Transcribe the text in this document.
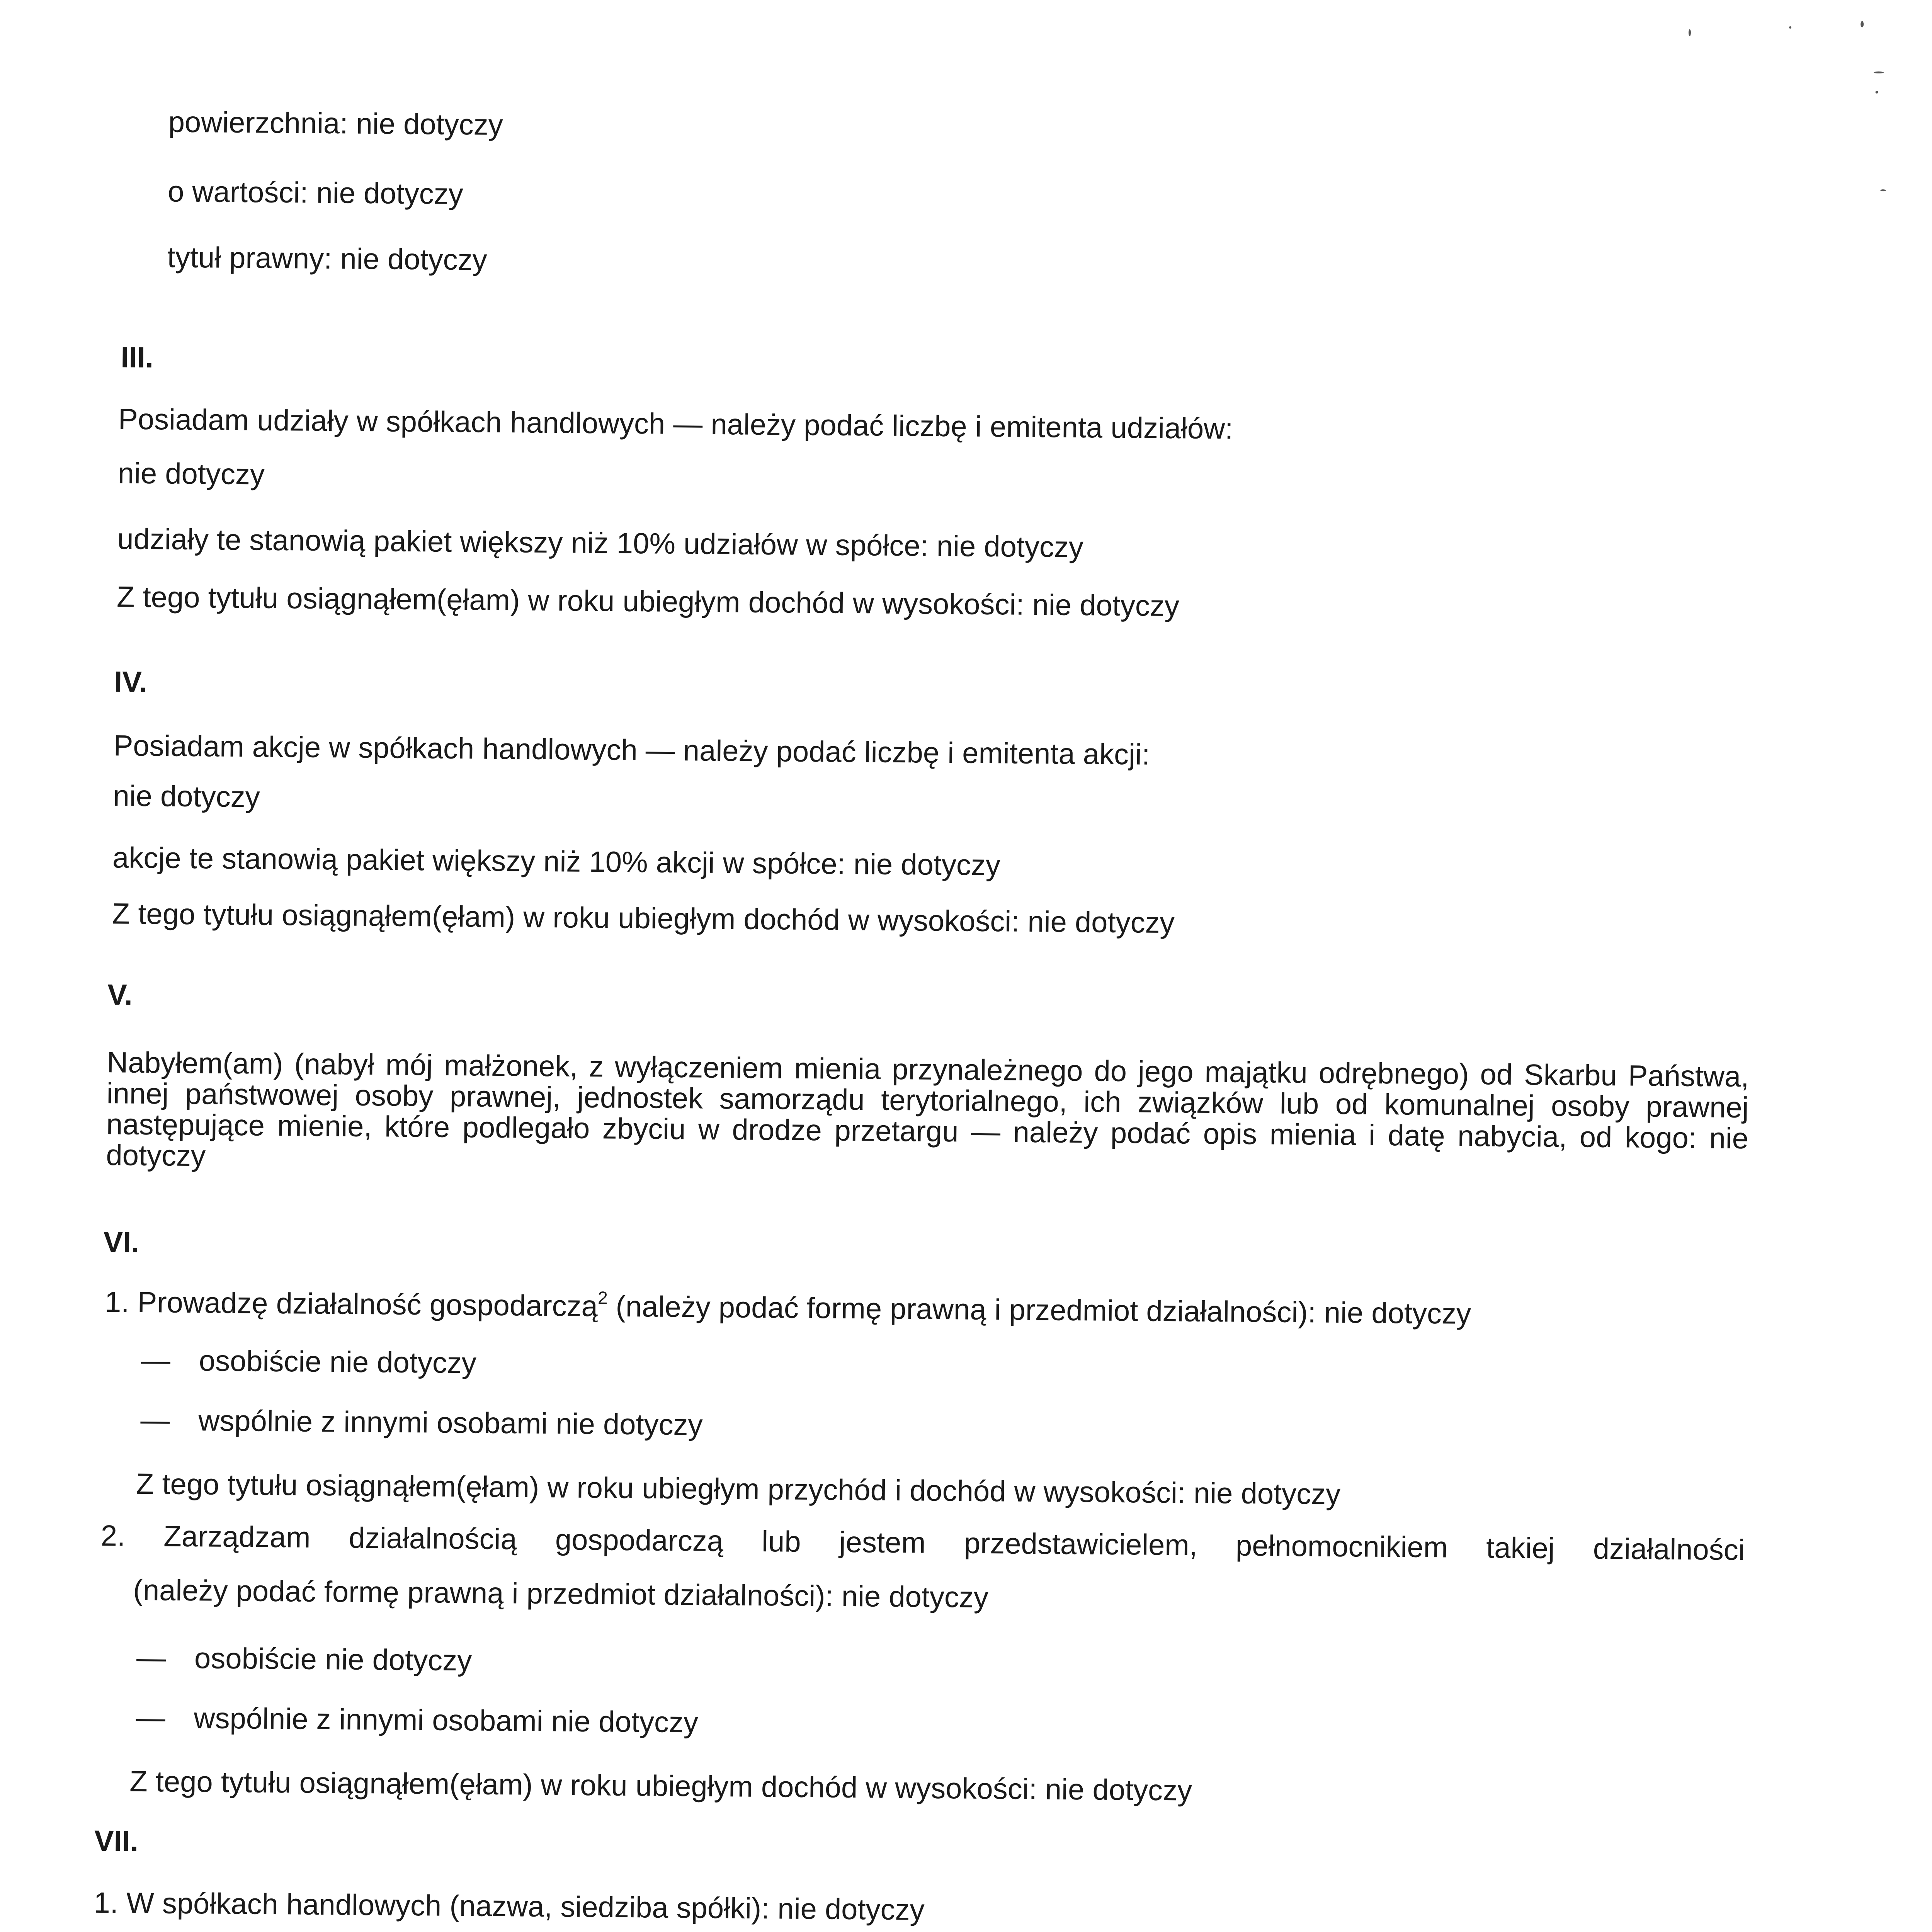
powierzchnia: nie dotyczy
o wartości: nie dotyczy
tytuł prawny: nie dotyczy
III.
Posiadam udziały w spółkach handlowych — należy podać liczbę i emitenta udziałów:
nie dotyczy
udziały te stanowią pakiet większy niż 10% udziałów w spółce: nie dotyczy
Z tego tytułu osiągnąłem(ęłam) w roku ubiegłym dochód w wysokości: nie dotyczy
IV.
Posiadam akcje w spółkach handlowych — należy podać liczbę i emitenta akcji:
nie dotyczy
akcje te stanowią pakiet większy niż 10% akcji w spółce: nie dotyczy
Z tego tytułu osiągnąłem(ęłam) w roku ubiegłym dochód w wysokości: nie dotyczy
V.
Nabyłem(am) (nabył mój małżonek, z wyłączeniem mienia przynależnego do jego majątku odrębnego) od Skarbu Państwa, innej państwowej osoby prawnej, jednostek samorządu terytorialnego, ich związków lub od komunalnej osoby prawnej następujące mienie, które podlegało zbyciu w drodze przetargu — należy podać opis mienia i datę nabycia, od kogo: nie dotyczy
VI.
1. Prowadzę działalność gospodarczą$^2$ (należy podać formę prawną i przedmiot działalności): nie dotyczy
— osobiście nie dotyczy
— wspólnie z innymi osobami nie dotyczy
Z tego tytułu osiągnąłem(ęłam) w roku ubiegłym przychód i dochód w wysokości: nie dotyczy
2. Zarządzam działalnością gospodarczą lub jestem przedstawicielem, pełnomocnikiem takiej działalności
(należy podać formę prawną i przedmiot działalności): nie dotyczy
— osobiście nie dotyczy
— wspólnie z innymi osobami nie dotyczy
Z tego tytułu osiągnąłem(ęłam) w roku ubiegłym dochód w wysokości: nie dotyczy
VII.
1. W spółkach handlowych (nazwa, siedziba spółki): nie dotyczy
